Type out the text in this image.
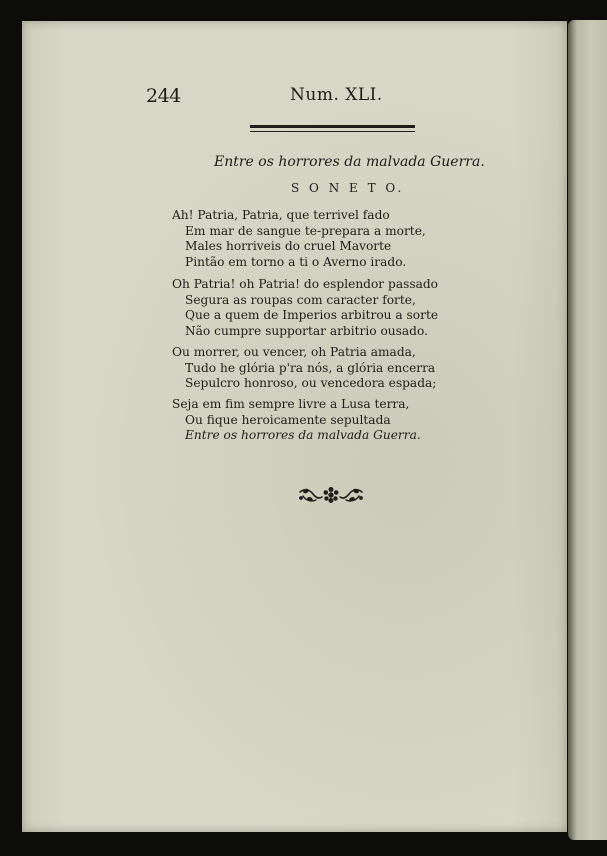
244	Num. XLI.
Entre os horrores da malvada Guerra.
S O N E T O.
Ah! Patria, Patria, que terrivel fado
Em mar de sangue te-prepara a morte,
Males horriveis do cruel Mavorte
Pintão em torno a ti o Averno irado.
Oh Patria! oh Patria! do esplendor passado
Segura as roupas com caracter forte,
Que a quem de Imperios arbitrou a sorte
Não cumpre supportar arbitrio ousado.
Ou morrer, ou vencer, oh Patria amada,
Tudo he glória p'ra nós, a glória encerra
Sepulcro honroso, ou vencedora espada;
Seja em fim sempre livre a Lusa terra,
Ou fique heroicamente sepultada
Entre os horrores da malvada Guerra.
